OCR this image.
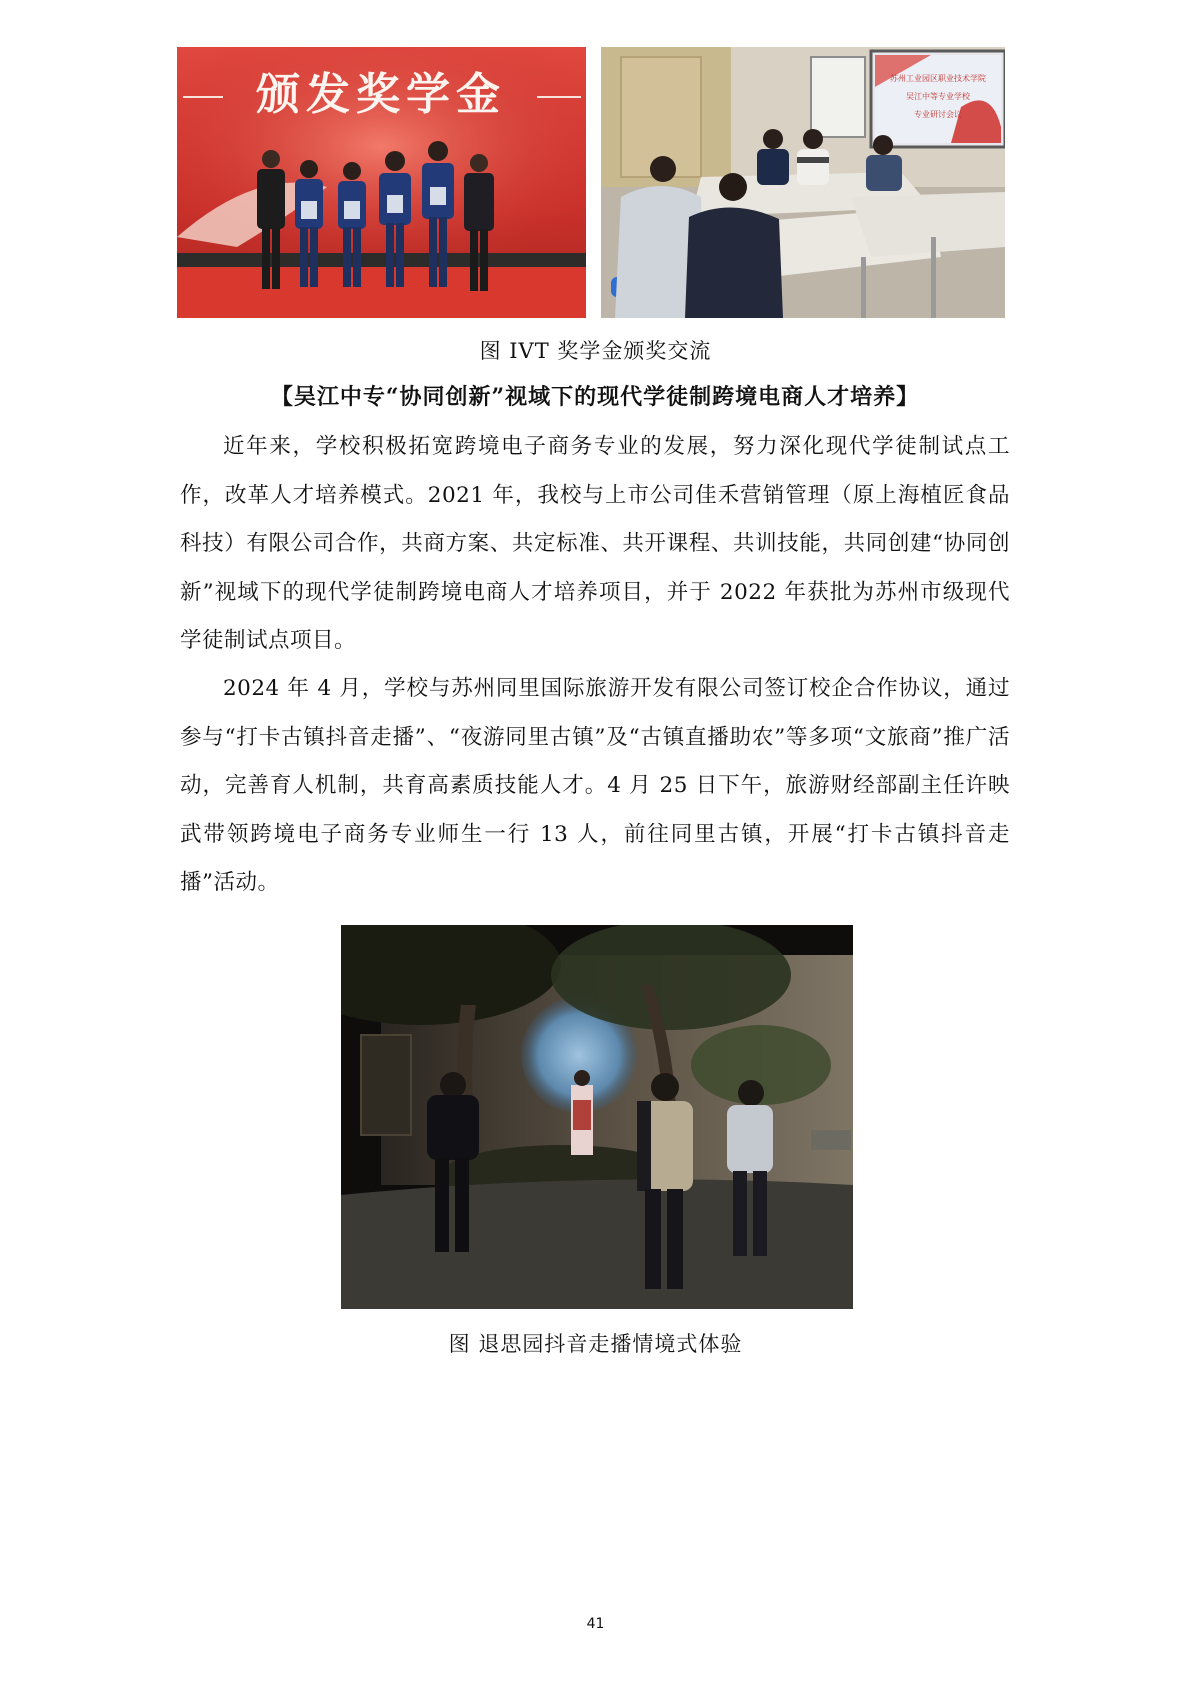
颁发奖学金	苏州工业园区职业技术学院
吴江中等专业学校
专业研讨会议
图 IVT 奖学金颁奖交流
【吴江中专“协同创新”视域下的现代学徒制跨境电商人才培养】

近年来，学校积极拓宽跨境电子商务专业的发展，努力深化现代学徒制试点工作，改革人才培养模式。2021 年，我校与上市公司佳禾营销管理（原上海植匠食品科技）有限公司合作，共商方案、共定标准、共开课程、共训技能，共同创建“协同创新”视域下的现代学徒制跨境电商人才培养项目，并于 2022 年获批为苏州市级现代学徒制试点项目。

2024 年 4 月，学校与苏州同里国际旅游开发有限公司签订校企合作协议，通过参与“打卡古镇抖音走播”、“夜游同里古镇”及“古镇直播助农”等多项“文旅商”推广活动，完善育人机制，共育高素质技能人才。4 月 25 日下午，旅游财经部副主任许映武带领跨境电子商务专业师生一行 13 人，前往同里古镇，开展“打卡古镇抖音走播”活动。

图 退思园抖音走播情境式体验
41
